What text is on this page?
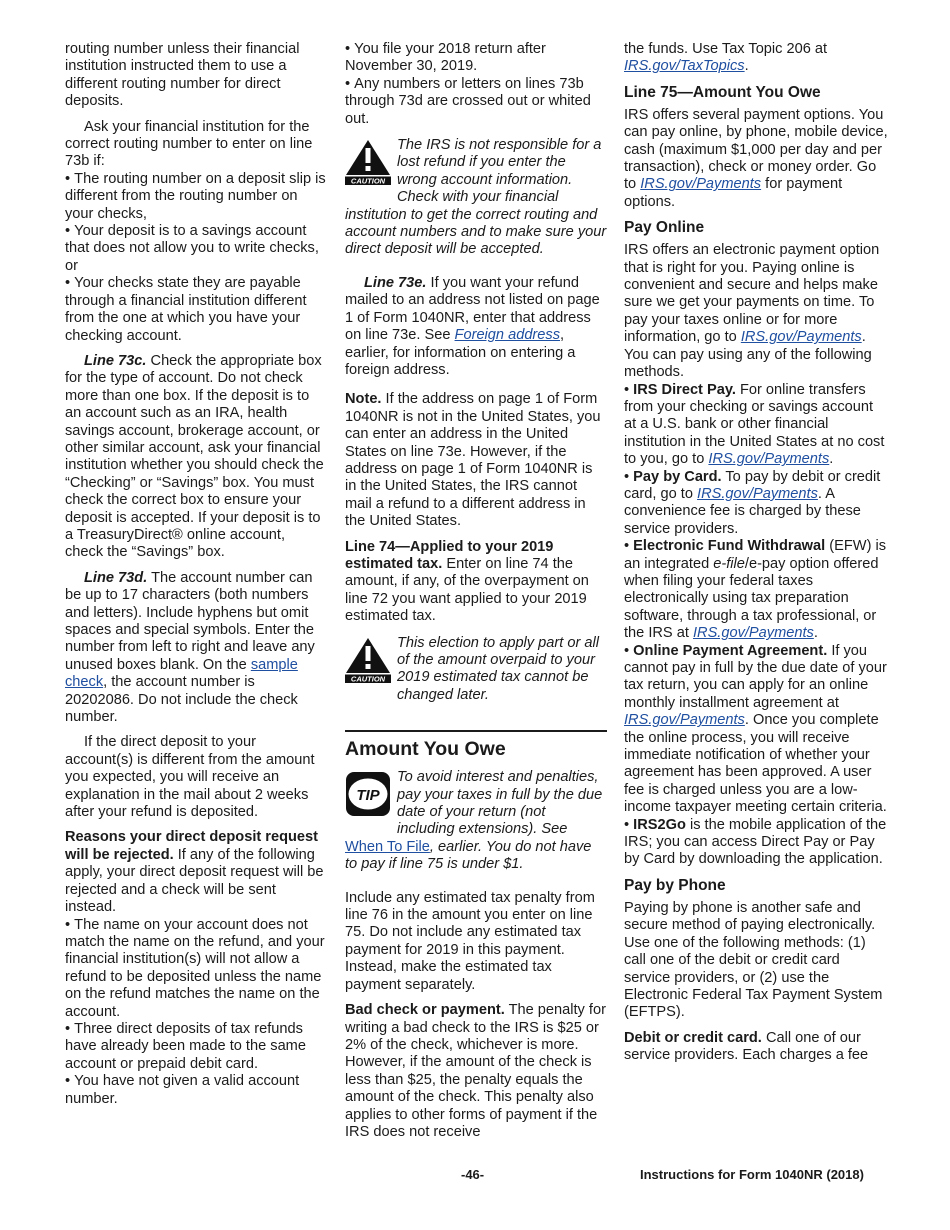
routing number unless their financial institution instructed them to use a different routing number for direct deposits.

Ask your financial institution for the correct routing number to enter on line 73b if:

• The routing number on a deposit slip is different from the routing number on your checks,

• Your deposit is to a savings account that does not allow you to write checks, or

• Your checks state they are payable through a financial institution different from the one at which you have your checking account.

Line 73c. Check the appropriate box for the type of account. Do not check more than one box. If the deposit is to an account such as an IRA, health savings account, brokerage account, or other similar account, ask your financial institution whether you should check the “Checking” or “Savings” box. You must check the correct box to ensure your deposit is accepted. If your deposit is to a TreasuryDirect® online account, check the “Savings” box.

Line 73d. The account number can be up to 17 characters (both numbers and letters). Include hyphens but omit spaces and special symbols. Enter the number from left to right and leave any unused boxes blank. On the sample check, the account number is 20202086. Do not include the check number.

If the direct deposit to your account(s) is different from the amount you expected, you will receive an explanation in the mail about 2 weeks after your refund is deposited.

Reasons your direct deposit request will be rejected. If any of the following apply, your direct deposit request will be rejected and a check will be sent instead.

• The name on your account does not match the name on the refund, and your financial institution(s) will not allow a refund to be deposited unless the name on the refund matches the name on the account.

• Three direct deposits of tax refunds have already been made to the same account or prepaid debit card.

• You have not given a valid account number.

• You file your 2018 return after November 30, 2019.

• Any numbers or letters on lines 73b through 73d are crossed out or whited out.

CAUTION
The IRS is not responsible for a lost refund if you enter the wrong account information. Check with your financial institution to get the correct routing and account numbers and to make sure your direct deposit will be accepted.

Line 73e. If you want your refund mailed to an address not listed on page 1 of Form 1040NR, enter that address on line 73e. See Foreign address, earlier, for information on entering a foreign address.

Note. If the address on page 1 of Form 1040NR is not in the United States, you can enter an address in the United States on line 73e. However, if the address on page 1 of Form 1040NR is in the United States, the IRS cannot mail a refund to a different address in the United States.

Line 74—Applied to your 2019 estimated tax. Enter on line 74 the amount, if any, of the overpayment on line 72 you want applied to your 2019 estimated tax.

CAUTION
This election to apply part or all of the amount overpaid to your 2019 estimated tax cannot be changed later.
Amount You Owe
TIP
To avoid interest and penalties, pay your taxes in full by the due date of your return (not including extensions). See When To File, earlier. You do not have to pay if line 75 is under $1.

Include any estimated tax penalty from line 76 in the amount you enter on line 75. Do not include any estimated tax payment for 2019 in this payment. Instead, make the estimated tax payment separately.

Bad check or payment. The penalty for writing a bad check to the IRS is $25 or 2% of the check, whichever is more. However, if the amount of the check is less than $25, the penalty equals the amount of the check. This penalty also applies to other forms of payment if the IRS does not receive

the funds. Use Tax Topic 206 at IRS.gov/TaxTopics.

Line 75—Amount You Owe

IRS offers several payment options. You can pay online, by phone, mobile device, cash (maximum $1,000 per day and per transaction), check or money order. Go to IRS.gov/Payments for payment options.

Pay Online

IRS offers an electronic payment option that is right for you. Paying online is convenient and secure and helps make sure we get your payments on time. To pay your taxes online or for more information, go to IRS.gov/Payments. You can pay using any of the following methods.

• IRS Direct Pay. For online transfers from your checking or savings account at a U.S. bank or other financial institution in the United States at no cost to you, go to IRS.gov/Payments.

• Pay by Card. To pay by debit or credit card, go to IRS.gov/Payments. A convenience fee is charged by these service providers.

• Electronic Fund Withdrawal (EFW) is an integrated e-file/e-pay option offered when filing your federal taxes electronically using tax preparation software, through a tax professional, or the IRS at IRS.gov/Payments.

• Online Payment Agreement. If you cannot pay in full by the due date of your tax return, you can apply for an online monthly installment agreement at IRS.gov/Payments. Once you complete the online process, you will receive immediate notification of whether your agreement has been approved. A user fee is charged unless you are a low-income taxpayer meeting certain criteria.

• IRS2Go is the mobile application of the IRS; you can access Direct Pay or Pay by Card by downloading the application.

Pay by Phone

Paying by phone is another safe and secure method of paying electronically. Use one of the following methods: (1) call one of the debit or credit card service providers, or (2) use the Electronic Federal Tax Payment System (EFTPS).

Debit or credit card. Call one of our service providers. Each charges a fee

-46-	Instructions for Form 1040NR (2018)
